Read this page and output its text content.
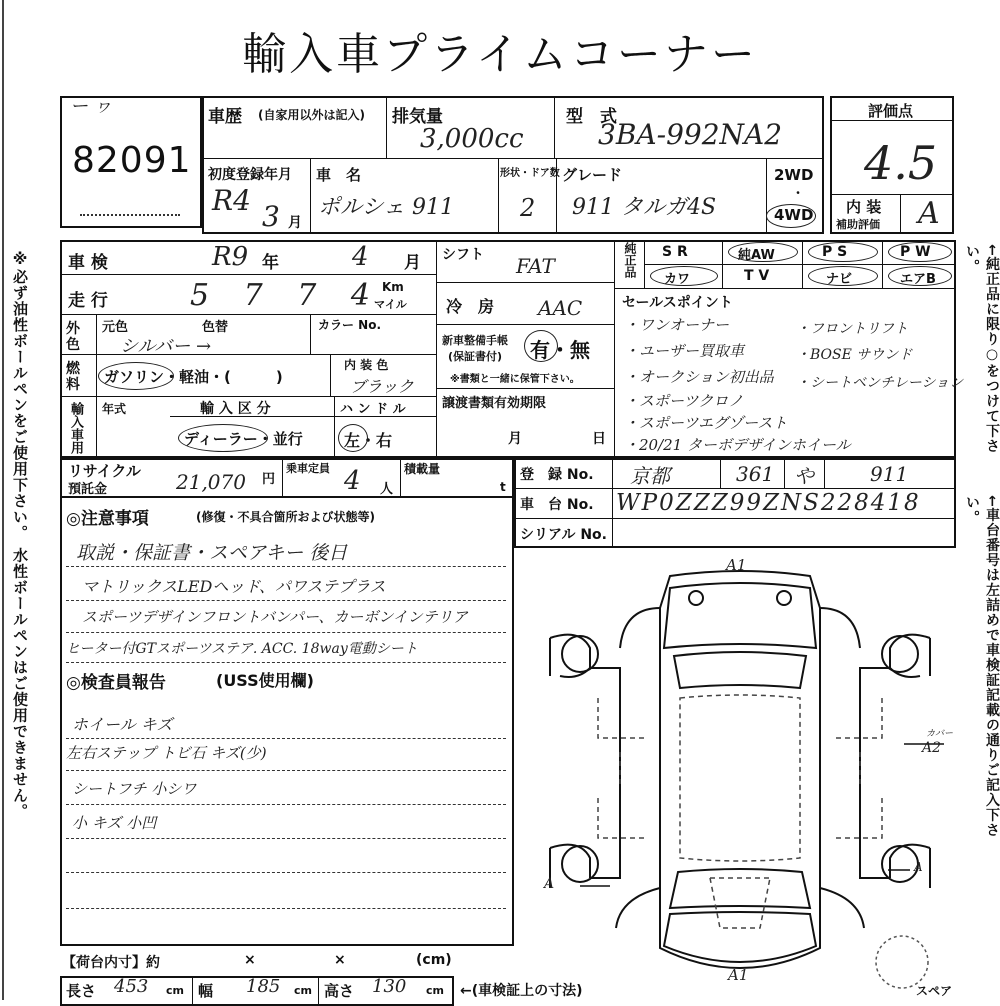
輸入車プライムコーナー
※必ず油性ボールペンをご使用下さい。 水性ボールペンはご使用できません。	←純正品に限り○をつけて下さい。
←車台番号は左詰めで車検証記載の通りご記入下さい。
ー ヮ
82091
車歴 (自家用以外は記入) 排気量
3,000cc
型　式
3BA-992NA2
初度登録年月
R4 3 月
車　名
ポルシェ 911
形状・ドア数
2
グレード
911 タルガ4S
2WD
・
4WD
評価点
4.5
内 装
補助評価 A
車 検	R9 年	4 月
走 行	5 7 7 4 Km
マイル
外
色
元色	色替	カラー No.
シルバー →
燃
料 ガソリン・軽油・(　　　)
内 装 色
ブラック
輸入車用 年式	輸 入 区 分
ディーラー・並行
ハ ン ド ル
左・右
シフト FAT
冷　房 AAC
新車整備手帳
(保証書付) 有・無
※書類と一緒に保管下さい。
譲渡書類有効期限
月	日
純正品 S R	純AW	P S	P W
カワ	T V	ナビ	エアB
セールスポイント
・ワンオーナー	・フロントリフト
・ユーザー買取車	・BOSE サウンド
・オークション初出品 ・シートベンチレーション
・スポーツクロノ
・スポーツエグゾースト
・20/21 ターボデザインホイール
リサイクル
預託金	21,070 円
乗車定員 4 人
積載量
t
登　録 No. 京都	361 や	911
車　台 No. WP0ZZZ99ZNS228418
シリアル No.
◎注意事項	(修復・不具合箇所および状態等)
取説・保証書・スペアキー 後日
マトリックスLEDヘッド、パワステプラス
スポーツデザインフロントバンパー、カーボンインテリア
ヒーター付GTスポーツステア. ACC. 18way電動シート
◎検査員報告	(USS使用欄)
ホイール キズ
左右ステップ トビ石 キズ(少)
シートフチ 小シワ
小 キズ 小凹
【荷台内寸】約	×	×	(cm)
長さ 453 cm 幅 185 cm 高さ 130 cm ←(車検証上の寸法)
A1
A1
カバー
A2
A
A
スペア
